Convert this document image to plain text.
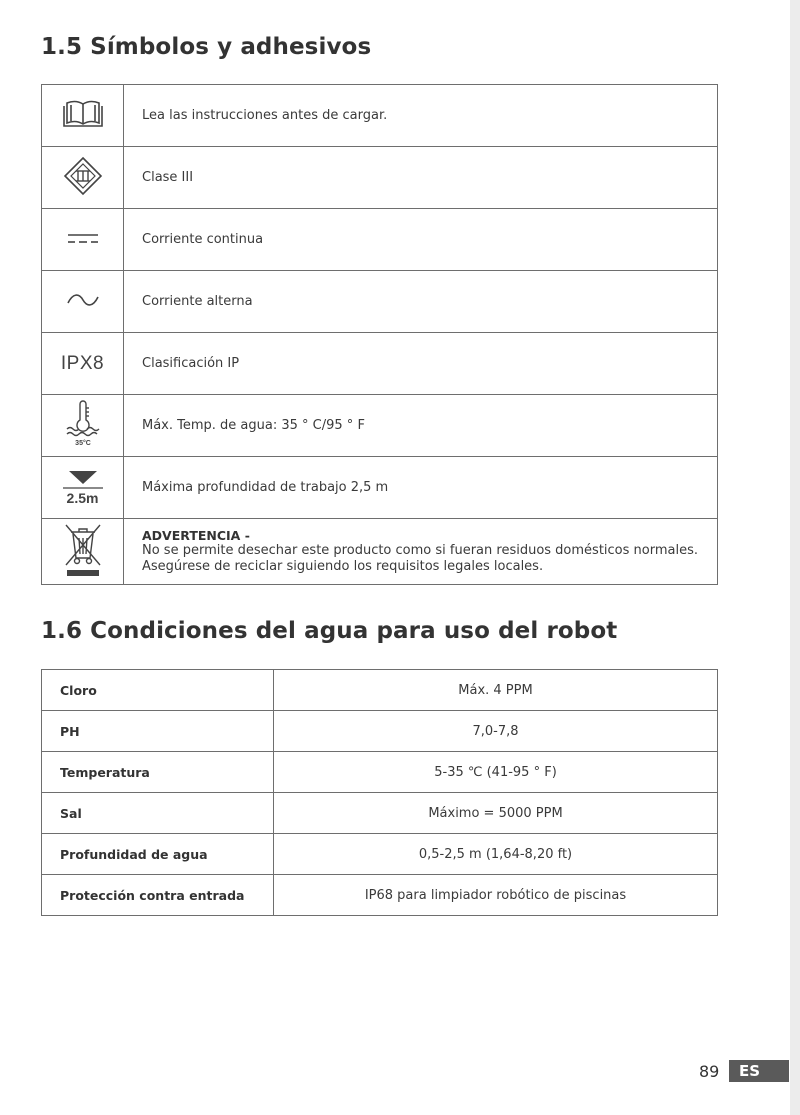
1.5 Símbolos y adhesivos
	Lea las instrucciones antes de cargar.
	Clase III
	Corriente continua
	Corriente alterna
IPX8	Clasificación IP

35°C	Máx. Temp. de agua: 35 ° C/95 ° F

2.5m	Máxima profundidad de trabajo 2,5 m

ADVERTENCIA -
No se permite desechar este producto como si fueran residuos domésticos normales.
Asegúrese de reciclar siguiendo los requisitos legales locales.
1.6 Condiciones del agua para uso del robot
Cloro	Máx. 4 PPM
PH	7,0-7,8
Temperatura	5-35 ℃ (41-95 ° F)
Sal	Máximo = 5000 PPM
Profundidad de agua	0,5-2,5 m (1,64-8,20 ft)
Protección contra entrada	IP68 para limpiador robótico de piscinas
89	ES
